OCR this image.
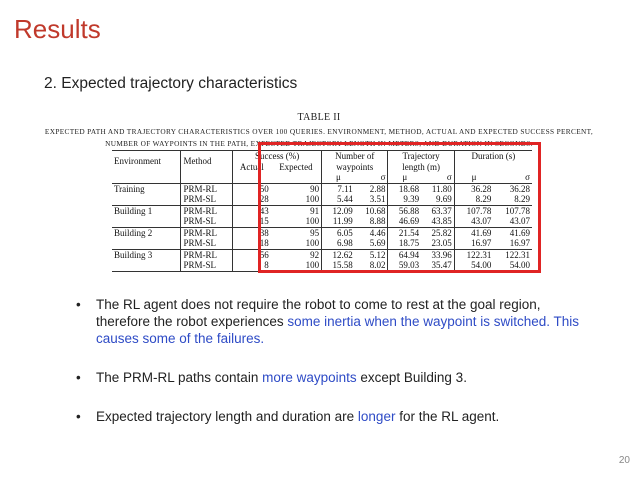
Results
2. Expected trajectory characteristics
TABLE II
EXPECTED PATH AND TRAJECTORY CHARACTERISTICS OVER 100 QUERIES. ENVIRONMENT, METHOD, ACTUAL AND EXPECTED SUCCESS PERCENT, NUMBER OF WAYPOINTS IN THE PATH, EXPECTED TRAJECTORY LENGTH IN METERS, AND DURATION IN SECONDS.
Environment	Method	Success (%)		Number of		Trajectory		Duration (s)	
		Actual	Expected	waypoints		length (m)			
				μ	σ	μ	σ	μ	σ
Training	PRM-RL	50	90	7.11	2.88	18.68	11.80	36.28	36.28
	PRM-SL	28	100	5.44	3.51	9.39	9.69	8.29	8.29
Building 1	PRM-RL	43	91	12.09	10.68	56.88	63.37	107.78	107.78
	PRM-SL	15	100	11.99	8.88	46.69	43.85	43.07	43.07
Building 2	PRM-RL	38	95	6.05	4.46	21.54	25.82	41.69	41.69
	PRM-SL	18	100	6.98	5.69	18.75	23.05	16.97	16.97
Building 3	PRM-RL	56	92	12.62	5.12	64.94	33.96	122.31	122.31
	PRM-SL	8	100	15.58	8.02	59.03	35.47	54.00	54.00
• The RL agent does not require the robot to come to rest at the goal region, therefore the robot experiences some inertia when the waypoint is switched. This causes some of the failures.
• The PRM-RL paths contain more waypoints except Building 3.
• Expected trajectory length and duration are longer for the RL agent.
20
